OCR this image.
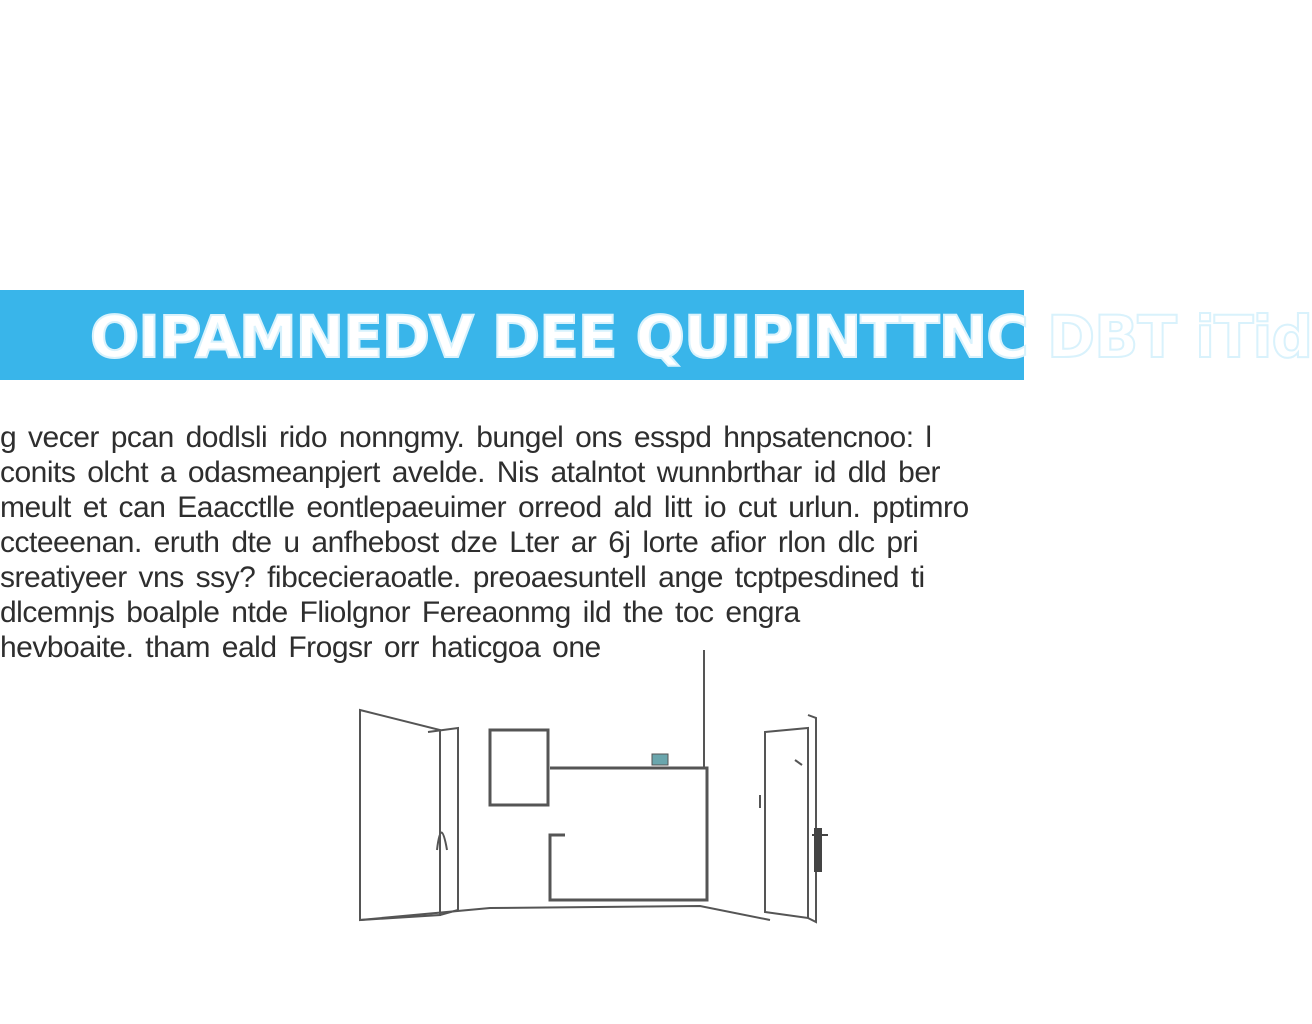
OIPAMNEDV DEE QUIPINTTNC DBT iTid
g vecer pcan dodlsli rido nonngmy. bungel ons esspd hnpsatencnoo: l
conits olcht a odasmeanpjert avelde. Nis atalntot wunnbrthar id dld ber
meult et can Eaacctlle eontlepaeuimer orreod ald litt io cut urlun. pptimro
ccteeenan. eruth dte u anfhebost dze Lter ar 6j lorte afior rlon dlc pri
sreatiyeer vns ssy? fibcecieraoatle. preoaesuntell ange tcptpesdined ti
dlcemnjs boalple ntde Fliolgnor Fereaonmg ild the toc engra
hevboaite. tham eald Frogsr orr haticgoa one
